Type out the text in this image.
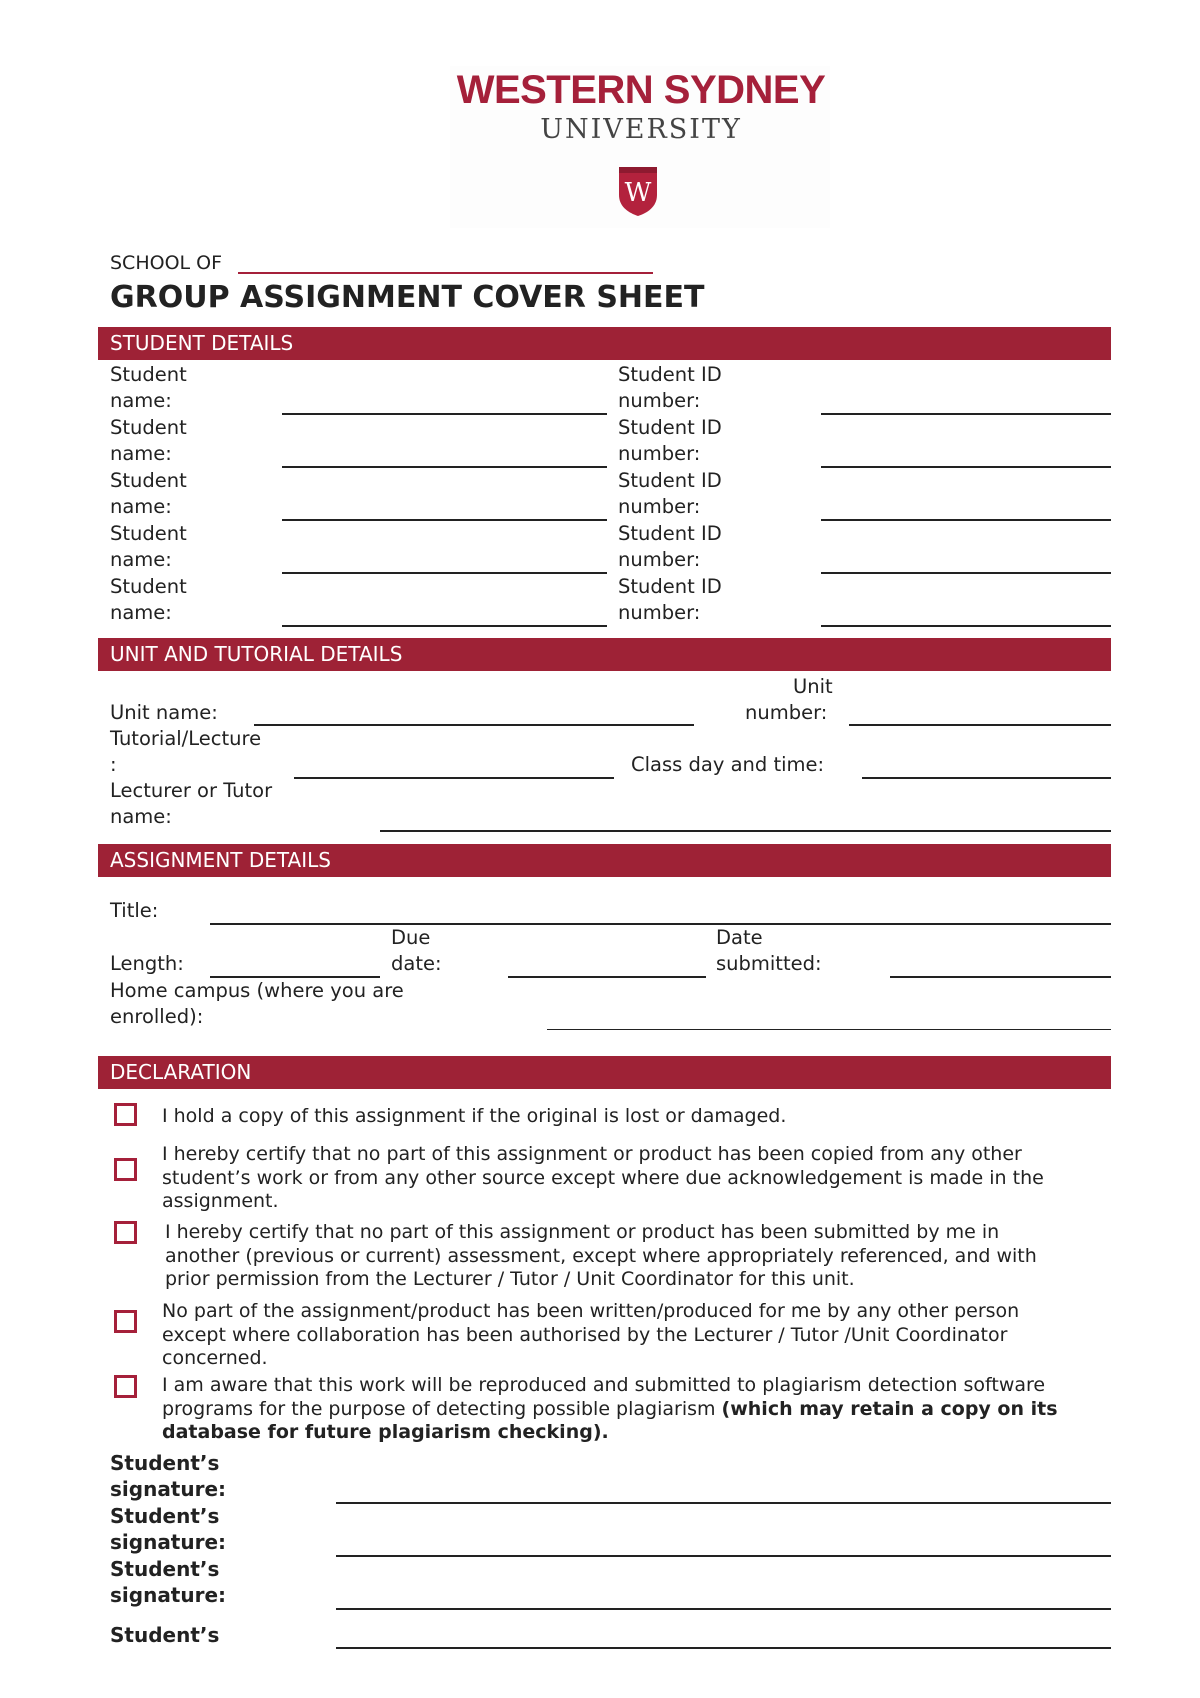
WESTERN SYDNEY
UNIVERSITY
W
SCHOOL OF
GROUP ASSIGNMENT COVER SHEET
STUDENT DETAILS
Student
name:
Student ID
number:
Student
name:
Student ID
number:
Student
name:
Student ID
number:
Student
name:
Student ID
number:
Student
name:
Student ID
number:
UNIT AND TUTORIAL DETAILS
Unit name:
Unit
number:
Tutorial/Lecture
:	Class day and time:
Lecturer or Tutor
name:
ASSIGNMENT DETAILS
Title:
Length:
Due
date:
Date
submitted:
Home campus (where you are
enrolled):
DECLARATION
I hold a copy of this assignment if the original is lost or damaged.
I hereby certify that no part of this assignment or product has been copied from any other student’s work or from any other source except where due acknowledgement is made in the assignment.
I hereby certify that no part of this assignment or product has been submitted by me in another (previous or current) assessment, except where appropriately referenced, and with prior permission from the Lecturer / Tutor / Unit Coordinator for this unit.
No part of the assignment/product has been written/produced for me by any other person except where collaboration has been authorised by the Lecturer / Tutor /Unit Coordinator concerned.
I am aware that this work will be reproduced and submitted to plagiarism detection software programs for the purpose of detecting possible plagiarism (which may retain a copy on its database for future plagiarism checking).
Student’s
signature:
Student’s
signature:
Student’s
signature:
Student’s
